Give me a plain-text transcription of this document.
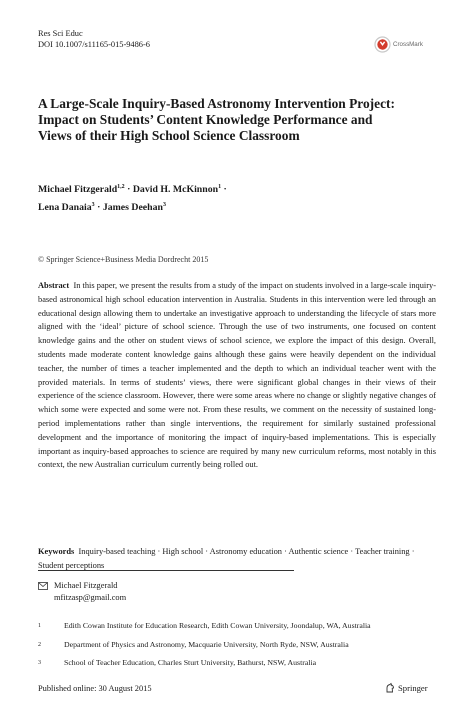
Res Sci Educ
DOI 10.1007/s11165-015-9486-6	CrossMark
A Large-Scale Inquiry-Based Astronomy Intervention Project: Impact on Students’ Content Knowledge Performance and Views of their High School Science Classroom
Michael Fitzgerald$^{1,2}$ · David H. McKinnon$^1$ ·
Lena Danaia$^3$ · James Deehan$^3$
© Springer Science+Business Media Dordrecht 2015

Abstract In this paper, we present the results from a study of the impact on students involved in a large-scale inquiry-based astronomical high school education intervention in Australia. Students in this intervention were led through an educational design allowing them to undertake an investigative approach to understanding the lifecycle of stars more aligned with the ‘ideal’ picture of school science. Through the use of two instruments, one focused on content knowledge gains and the other on student views of school science, we explore the impact of this design. Overall, students made moderate content knowledge gains although these gains were heavily dependent on the individual teacher, the number of times a teacher implemented and the depth to which an individual teacher went with the provided materials. In terms of students’ views, there were significant global changes in their views of their experience of the science classroom. However, there were some areas where no change or slightly negative changes of which some were expected and some were not. From these results, we comment on the necessity of sustained long-period implementations rather than single interventions, the requirement for similarly sustained professional development and the importance of monitoring the impact of inquiry-based implementations. This is especially important as inquiry-based approaches to science are required by many new curriculum reforms, most notably in this context, the new Australian curriculum currently being rolled out.

Keywords Inquiry-based teaching · High school · Astronomy education · Authentic science · Teacher training · Student perceptions

Michael Fitzgerald
mfitzasp@gmail.com
1	Edith Cowan Institute for Education Research, Edith Cowan University, Joondalup, WA, Australia
2	Department of Physics and Astronomy, Macquarie University, North Ryde, NSW, Australia
3	School of Teacher Education, Charles Sturt University, Bathurst, NSW, Australia
Published online: 30 August 2015	Springer
